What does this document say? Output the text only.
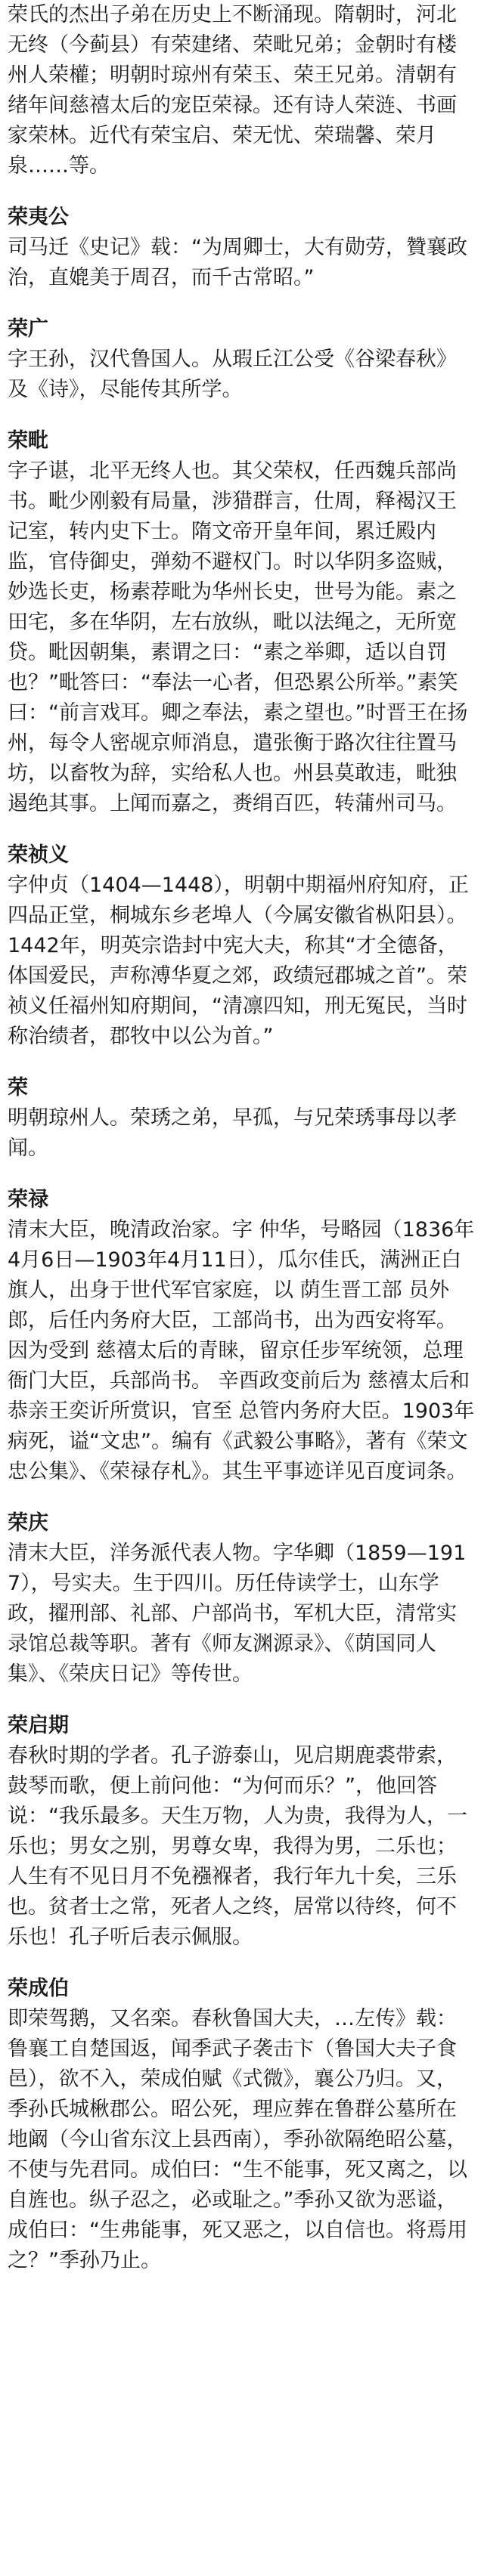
荣氏的杰出子弟在历史上不断涌现。隋朝时，河北无终（今蓟县）有荣建绪、荣毗兄弟；金朝时有楼州人荣權；明朝时琼州有荣玉、荣王兄弟。清朝有绪年间慈禧太后的宠臣荣禄。还有诗人荣涟、书画家荣林。近代有荣宝启、荣无忧、荣瑞馨、荣月泉……等。

荣夷公

司马迁《史记》载：“为周卿士，大有勋劳，贊襄政治，直媲美于周召，而千古常昭。”

荣广

字王孙，汉代鲁国人。从瑕丘江公受《谷梁春秋》及《诗》，尽能传其所学。

荣毗

字子谌，北平无终人也。其父荣权，任西魏兵部尚书。毗少刚毅有局量，涉猎群言，仕周，释褐汉王记室，转内史下士。隋文帝开皇年间，累迁殿内监，官侍御史，弹劾不避权门。时以华阴多盗贼，妙选长吏，杨素荐毗为华州长史，世号为能。素之田宅，多在华阴，左右放纵，毗以法绳之，无所宽贷。毗因朝集，素谓之曰：“素之举卿，适以自罚也？”毗答曰：“奉法一心者，但恐累公所举。”素笑曰：“前言戏耳。卿之奉法，素之望也。”时晋王在扬州，每令人密觇京师消息，遣张衡于路次往往置马坊，以畜牧为辞，实给私人也。州县莫敢违，毗独遏绝其事。上闻而嘉之，赉绢百匹，转蒲州司马。

荣祯义

字仲贞（1404—1448），明朝中期福州府知府，正四品正堂，桐城东乡老埠人（今属安徽省枞阳县）。1442年，明英宗诰封中宪大夫，称其“才全德备，体国爱民，声称溥华夏之郊，政绩冠郡城之首”。荣祯义任福州知府期间，“清凛四知，刑无冤民，当时称治绩者，郡牧中以公为首。”

荣

明朝琼州人。荣琇之弟，早孤，与兄荣琇事母以孝闻。

荣禄

清末大臣，晚清政治家。字 仲华，号略园（1836年4月6日—1903年4月11日），瓜尔佳氏，满洲正白旗人，出身于世代军官家庭，以 荫生晋工部 员外郎，后任内务府大臣，工部尚书，出为西安将军。因为受到 慈禧太后的青睐，留京任步军统领，总理衙门大臣，兵部尚书。 辛酉政变前后为 慈禧太后和 恭亲王奕䜣所赏识，官至 总管内务府大臣。1903年病死，谥“文忠”。编有《武毅公事略》，著有《荣文忠公集》、《荣禄存札》。其生平事迹详见百度词条。

荣庆

清末大臣，洋务派代表人物。字华卿（1859—1917），号实夫。生于四川。历任侍读学士，山东学政，擢刑部、礼部、户部尚书，军机大臣，清常实录馆总裁等职。著有《师友渊源录》、《荫国同人集》、《荣庆日记》等传世。

荣启期

春秋时期的学者。孔子游泰山，见启期鹿裘带索，鼓琴而歌，便上前问他：“为何而乐？”，他回答说：“我乐最多。天生万物，人为贵，我得为人，一乐也；男女之别，男尊女卑，我得为男，二乐也；人生有不见日月不免襁褓者，我行年九十矣，三乐也。贫者士之常，死者人之终，居常以待终，何不乐也！孔子听后表示佩服。

荣成伯

即荣驾鹅，又名栾。春秋鲁国大夫，…左传》载：鲁襄工自楚国返，闻季武子袭击卞（鲁国大夫子食邑），欲不入，荣成伯赋《式微》，襄公乃归。又，季孙氏城楸郡公。昭公死，理应葬在鲁群公墓所在地阚（今山省东汶上县西南），季孙欲隔绝昭公墓，不使与先君同。成伯曰：“生不能事，死又离之，以自旌也。纵子忍之，必或耻之。”季孙又欲为恶谥，成伯曰：“生弗能事，死又恶之，以自信也。将焉用之？”季孙乃止。
